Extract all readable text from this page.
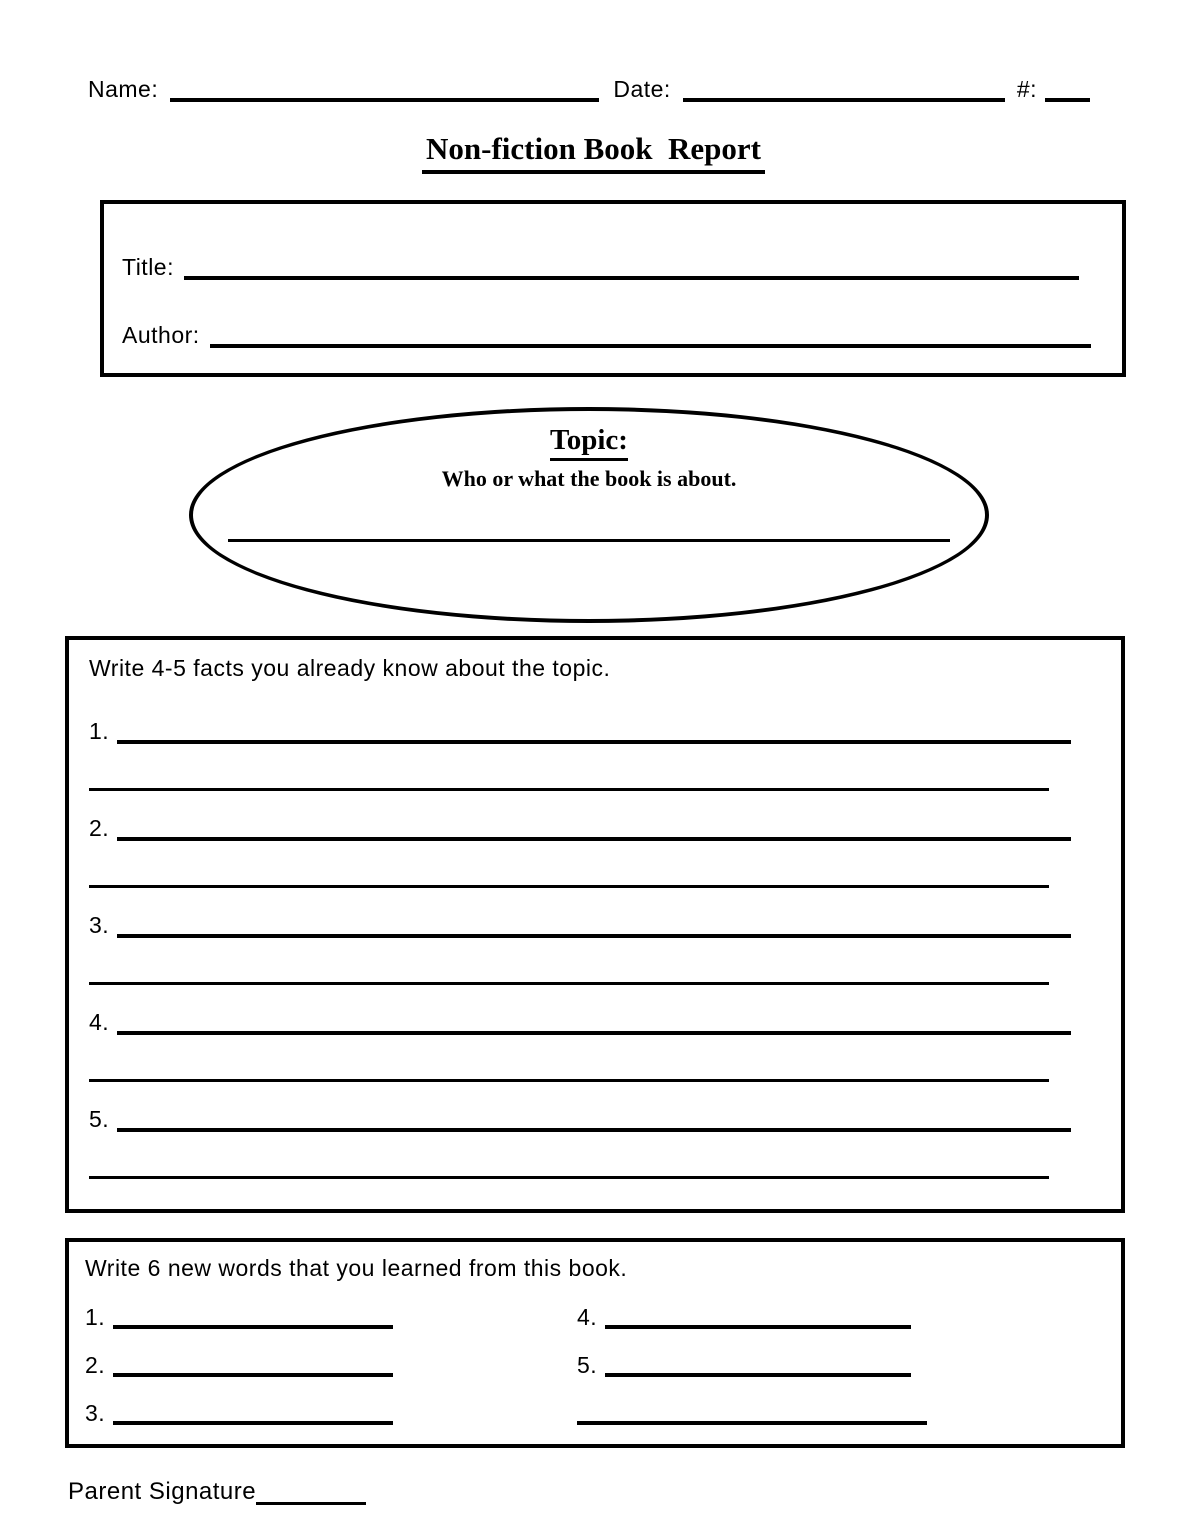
Name:	Date:	#:
Non-fiction Book  Report
Title:
Author:
Topic:
Who or what the book is about.
Write 4-5 facts you already know about the topic.
1.
2.
3.
4.
5.
Write 6 new words that you learned from this book.
1.
2.
3.
4.
5.
Parent Signature
